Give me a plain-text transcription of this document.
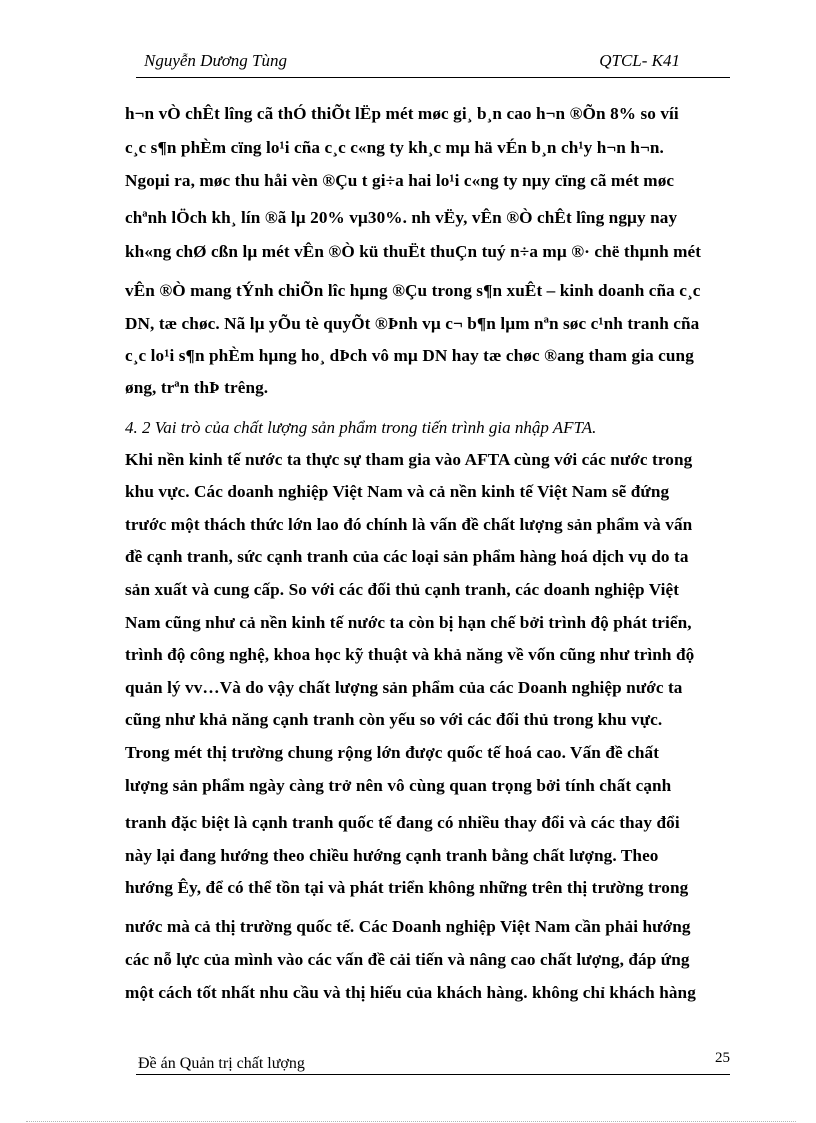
Nguyễn Dương Tùng	QTCL- K41
h¬n vÒ chÊt lîng cã thÓ thiÕt lËp mét møc gi¸ b¸n cao h¬n ®Õn 8% so víi
c¸c s¶n phÈm cïng lo¹i cña c¸c c«ng ty kh¸c mµ hä vÉn b¸n ch¹y h¬n h¬n.
Ngoµi ra, møc thu håi vèn ®Çu t gi÷a hai lo¹i c«ng ty nµy cïng cã mét møc
chªnh lÖch kh¸ lín ®ã lµ 20% vµ30%. nh vËy, vÊn ®Ò chÊt lîng ngµy nay
kh«ng chØ cßn lµ mét vÊn ®Ò kü thuËt thuÇn tuý n÷a mµ ®· chë thµnh mét
vÊn ®Ò mang tÝnh chiÕn lîc hµng ®Çu trong s¶n xuÊt – kinh doanh cña c¸c
DN, tæ chøc. Nã lµ yÕu tè quyÕt ®Þnh vµ c¬ b¶n lµm nªn søc c¹nh tranh cña
c¸c lo¹i s¶n phÈm hµng ho¸ dÞch vô mµ DN hay tæ chøc ®ang tham gia cung
øng, trªn thÞ trêng.
4. 2 Vai trò của chất lượng sản phẩm trong tiến trình gia nhập AFTA.
Khi nền kinh tế nước ta thực sự tham gia vào AFTA cùng với các nước trong
khu vực. Các doanh nghiệp Việt Nam và cả nền kinh tế Việt Nam sẽ đứng
trước một thách thức lớn lao đó chính là vấn đề chất lượng sản phẩm và vấn
đề cạnh tranh, sức cạnh tranh của các loại sản phẩm hàng hoá dịch vụ do ta
sản xuất và cung cấp. So với các đối thủ cạnh tranh, các doanh nghiệp Việt
Nam cũng như cả nền kinh tế nước ta còn bị hạn chế bởi trình độ phát triển,
trình độ công nghệ, khoa học kỹ thuật và khả năng về vốn cũng như trình độ
quản lý vv…Và do vậy chất lượng sản phẩm của các Doanh nghiệp nước ta
cũng như khả năng cạnh tranh còn yếu so với các đối thủ trong khu vực.
Trong mét thị trường chung rộng lớn được quốc tế hoá cao. Vấn đề chất
lượng sản phẩm ngày càng trở nên vô cùng quan trọng bởi tính chất cạnh
tranh đặc biệt là cạnh tranh quốc tế đang có nhiều thay đổi và các thay đổi
này lại đang hướng theo chiều hướng cạnh tranh bằng chất lượng. Theo
hướng Êy, để có thể tồn tại và phát triển không những trên thị trường trong
nước mà cả thị trường quốc tế. Các Doanh nghiệp Việt Nam cần phải hướng
các nỗ lực của mình vào các vấn đề cải tiến và nâng cao chất lượng, đáp ứng
một cách tốt nhất nhu cầu và thị hiếu của khách hàng. không chỉ khách hàng
Đề án Quản trị chất lượng	25
